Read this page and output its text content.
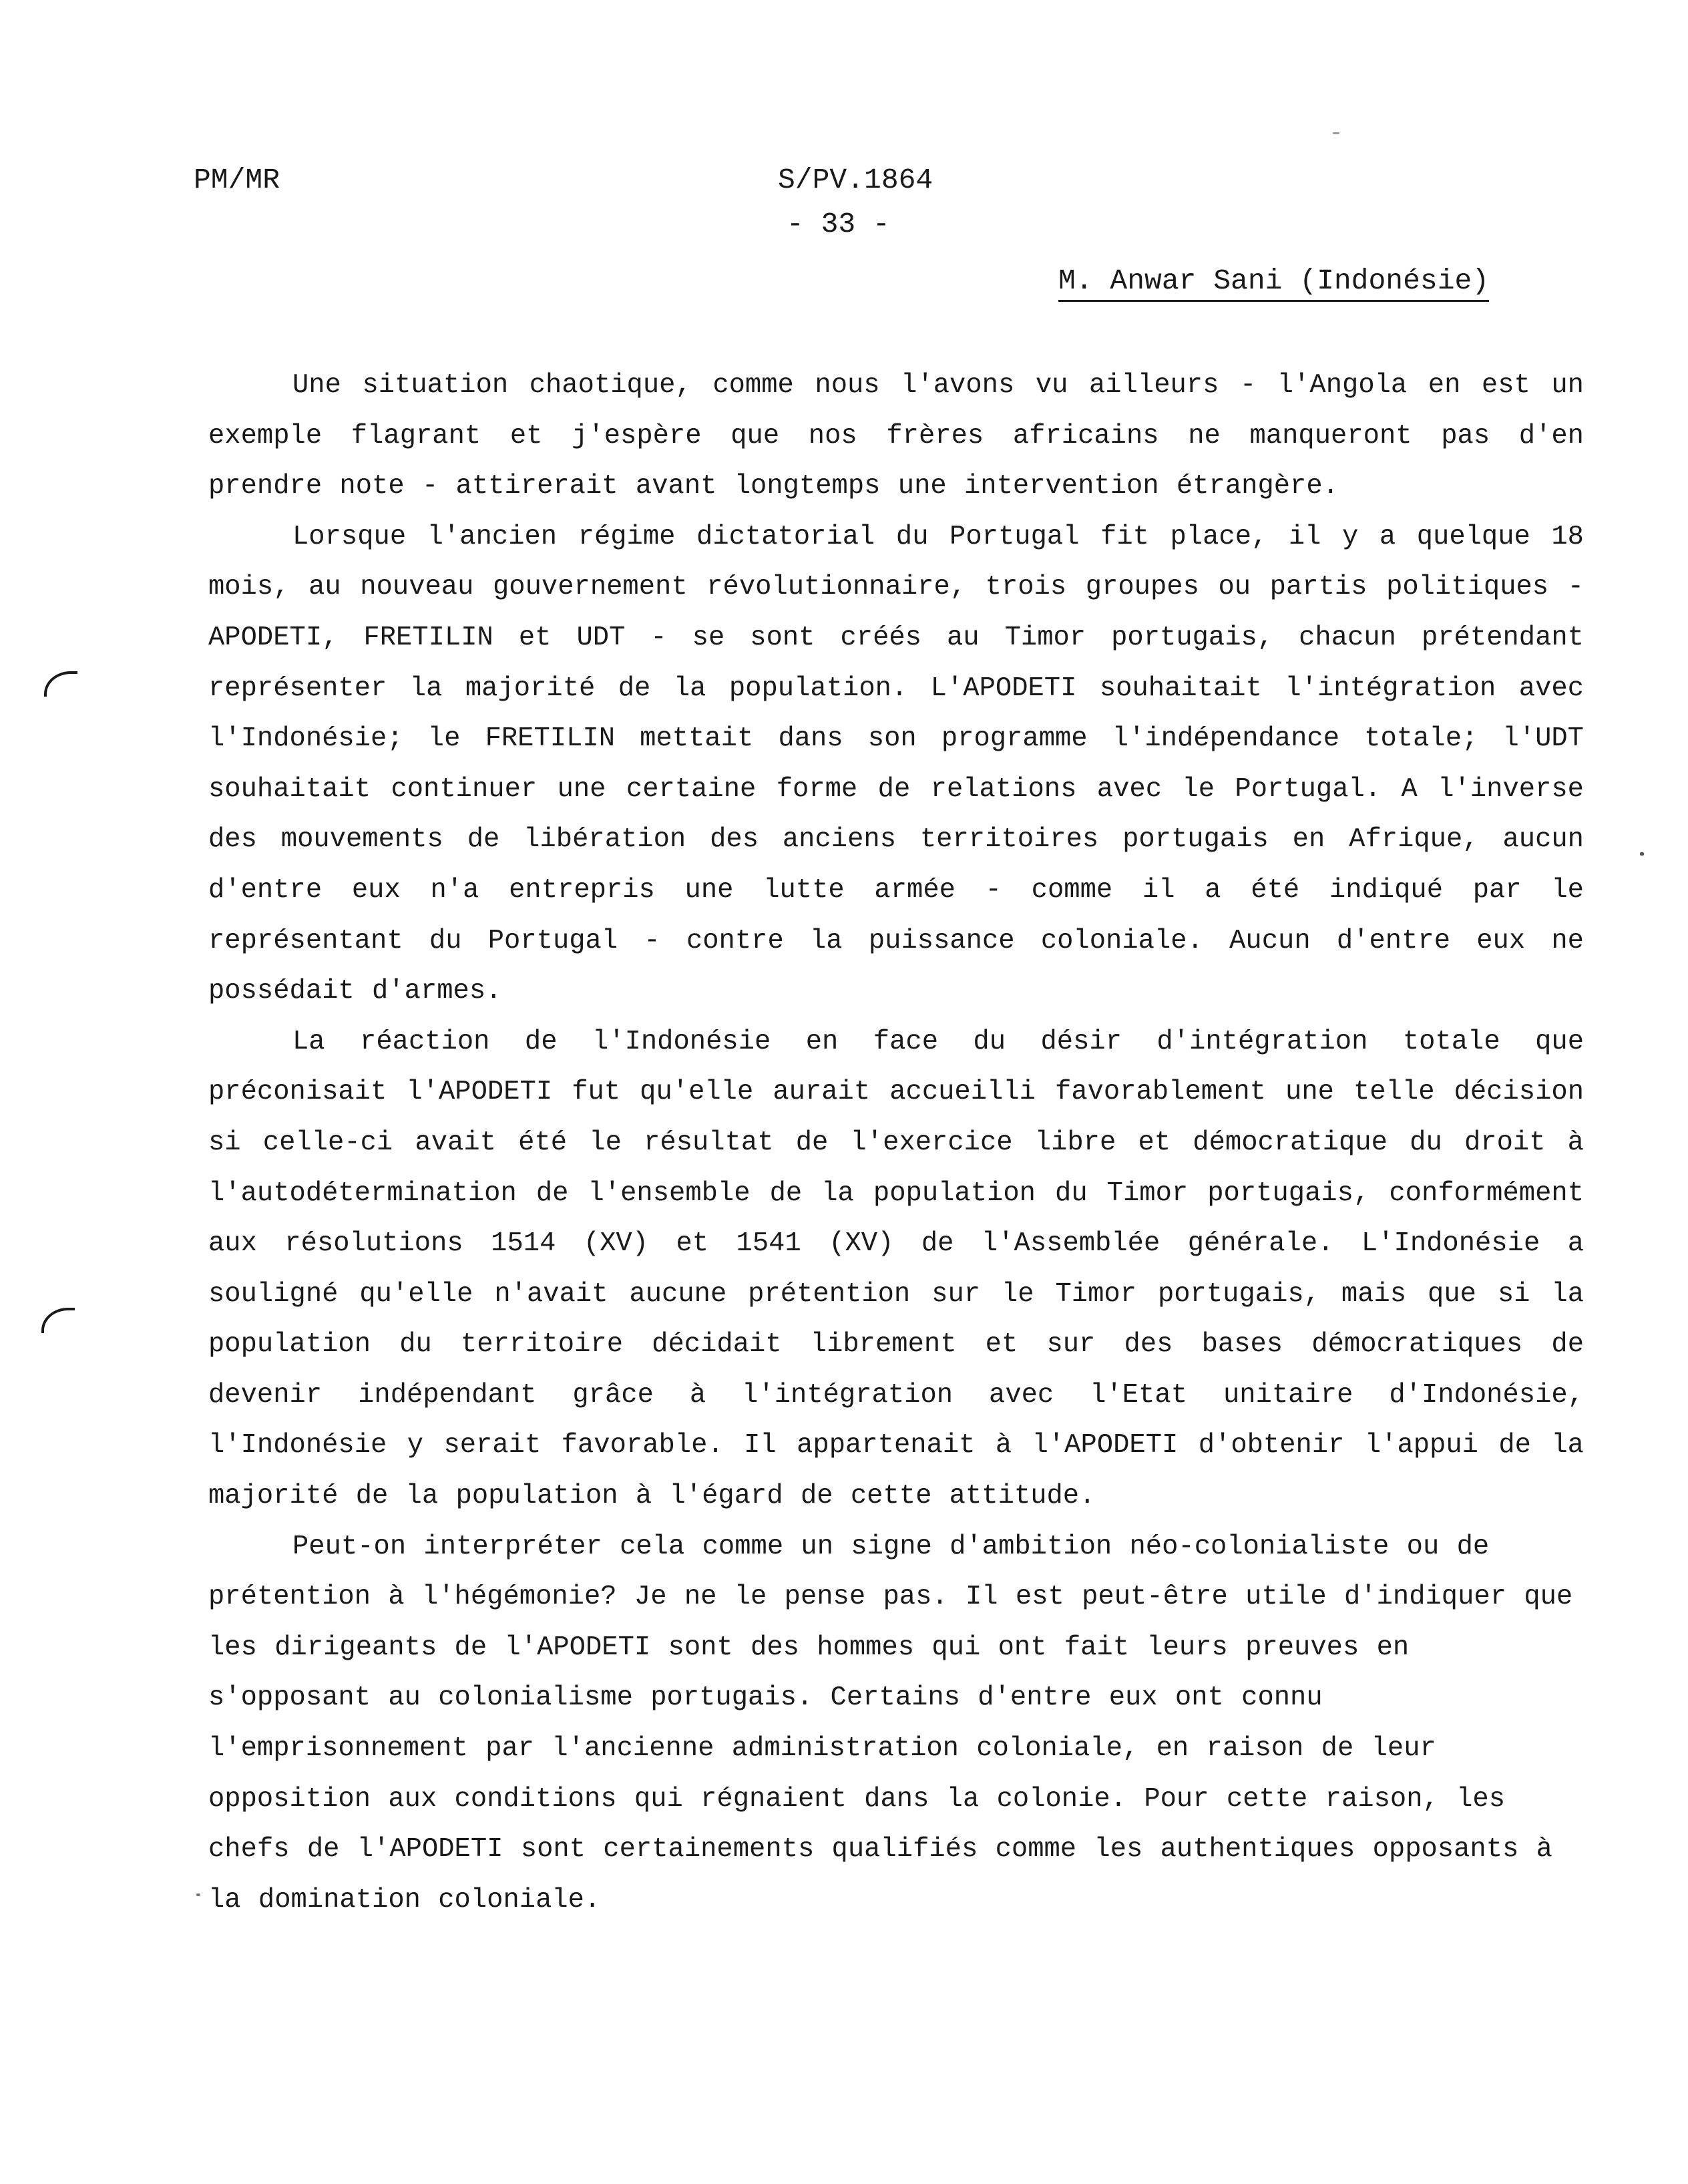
PM/MR	S/PV.1864
- 33 -
M. Anwar Sani (Indonésie)

Une situation chaotique, comme nous l'avons vu ailleurs - l'Angola en est un exemple flagrant et j'espère que nos frères africains ne manqueront pas d'en prendre note - attirerait avant longtemps une intervention étrangère.

Lorsque l'ancien régime dictatorial du Portugal fit place, il y a quelque 18 mois, au nouveau gouvernement révolutionnaire, trois groupes ou partis politiques - APODETI, FRETILIN et UDT - se sont créés au Timor portugais, chacun prétendant représenter la majorité de la population. L'APODETI souhaitait l'intégration avec l'Indonésie; le FRETILIN mettait dans son programme l'indépendance totale; l'UDT souhaitait continuer une certaine forme de relations avec le Portugal. A l'inverse des mouvements de libération des anciens territoires portugais en Afrique, aucun d'entre eux n'a entrepris une lutte armée - comme il a été indiqué par le représentant du Portugal - contre la puissance coloniale. Aucun d'entre eux ne possédait d'armes.

La réaction de l'Indonésie en face du désir d'intégration totale que préconisait l'APODETI fut qu'elle aurait accueilli favorablement une telle décision si celle-ci avait été le résultat de l'exercice libre et démocratique du droit à l'autodétermination de l'ensemble de la population du Timor portugais, conformément aux résolutions 1514 (XV) et 1541 (XV) de l'Assemblée générale. L'Indonésie a souligné qu'elle n'avait aucune prétention sur le Timor portugais, mais que si la population du territoire décidait librement et sur des bases démocratiques de devenir indépendant grâce à l'intégration avec l'Etat unitaire d'Indonésie, l'Indonésie y serait favorable. Il appartenait à l'APODETI d'obtenir l'appui de la majorité de la population à l'égard de cette attitude.

Peut-on interpréter cela comme un signe d'ambition néo-colonialiste ou de prétention à l'hégémonie? Je ne le pense pas. Il est peut-être utile d'indiquer que les dirigeants de l'APODETI sont des hommes qui ont fait leurs preuves en s'opposant au colonialisme portugais. Certains d'entre eux ont connu l'emprisonnement par l'ancienne administration coloniale, en raison de leur opposition aux conditions qui régnaient dans la colonie. Pour cette raison, les chefs de l'APODETI sont certainements qualifiés comme les authentiques opposants à la domination coloniale.
